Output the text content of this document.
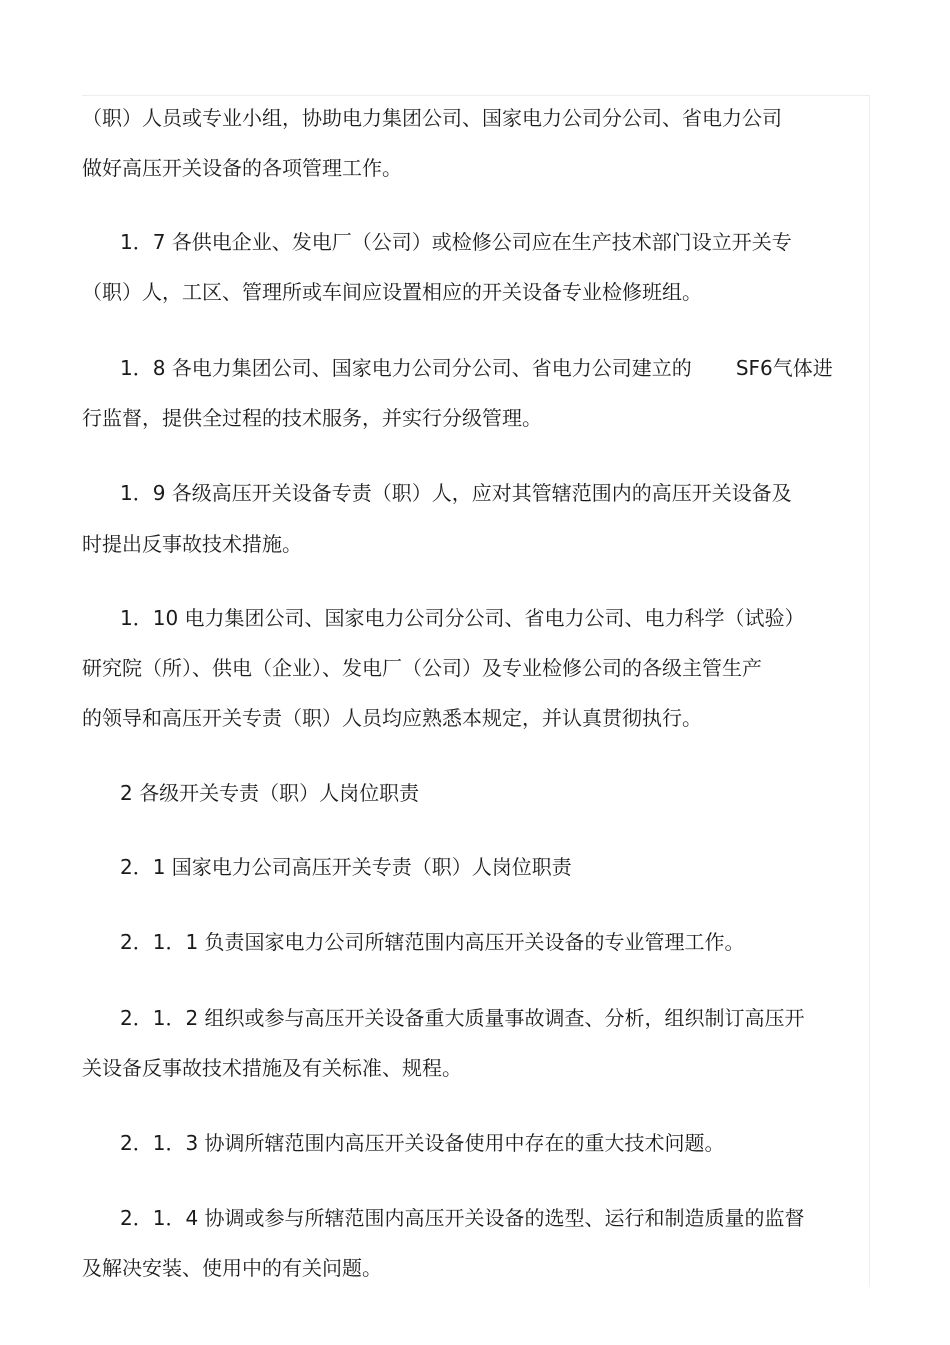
（职）人员或专业小组，协助电力集团公司、国家电力公司分公司、省电力公司
做好高压开关设备的各项管理工作。
1．7 各供电企业、发电厂（公司）或检修公司应在生产技术部门设立开关专
（职）人，工区、管理所或车间应设置相应的开关设备专业检修班组。
1．8 各电力集团公司、国家电力公司分公司、省电力公司建立的 SF6气体进
行监督，提供全过程的技术服务，并实行分级管理。
1．9 各级高压开关设备专责（职）人，应对其管辖范围内的高压开关设备及
时提出反事故技术措施。
1．10 电力集团公司、国家电力公司分公司、省电力公司、电力科学（试验）
研究院（所）、供电（企业）、发电厂（公司）及专业检修公司的各级主管生产
的领导和高压开关专责（职）人员均应熟悉本规定，并认真贯彻执行。
2 各级开关专责（职）人岗位职责
2．1 国家电力公司高压开关专责（职）人岗位职责
2．1．1 负责国家电力公司所辖范围内高压开关设备的专业管理工作。
2．1．2 组织或参与高压开关设备重大质量事故调查、分析，组织制订高压开
关设备反事故技术措施及有关标准、规程。
2．1．3 协调所辖范围内高压开关设备使用中存在的重大技术问题。
2．1．4 协调或参与所辖范围内高压开关设备的选型、运行和制造质量的监督
及解决安装、使用中的有关问题。
